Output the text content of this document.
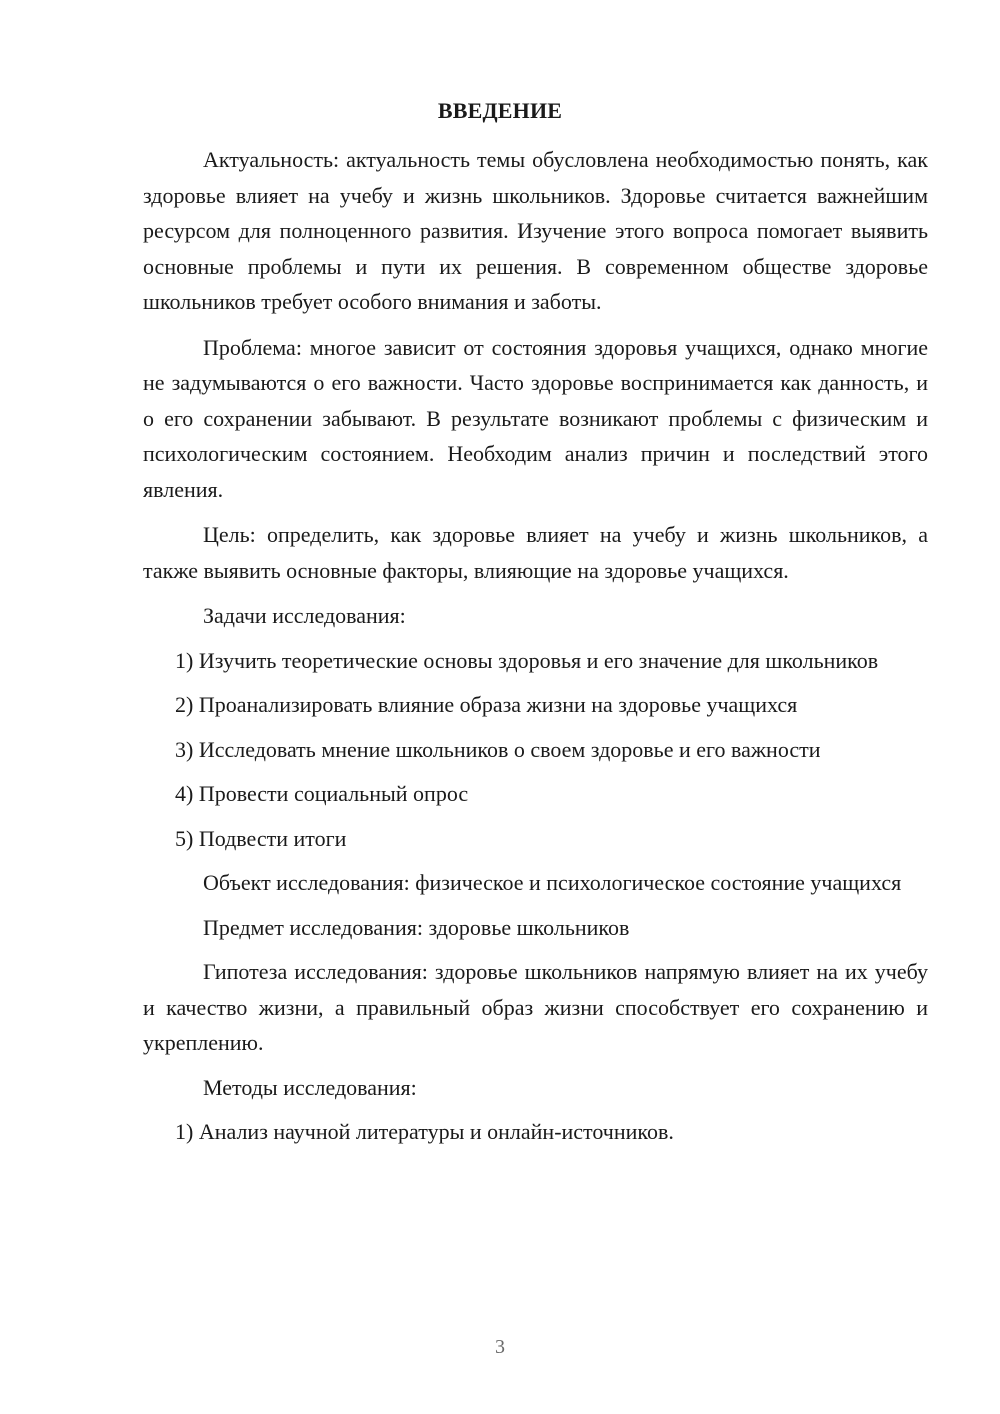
ВВЕДЕНИЕ

Актуальность: актуальность темы обусловлена необходимостью понять, как здоровье влияет на учебу и жизнь школьников. Здоровье считается важнейшим ресурсом для полноценного развития. Изучение этого вопроса помогает выявить основные проблемы и пути их решения. В современном обществе здоровье школьников требует особого внимания и заботы.

Проблема: многое зависит от состояния здоровья учащихся, однако многие не задумываются о его важности. Часто здоровье воспринимается как данность, и о его сохранении забывают. В результате возникают проблемы с физическим и психологическим состоянием. Необходим анализ причин и последствий этого явления.

Цель: определить, как здоровье влияет на учебу и жизнь школьников, а также выявить основные факторы, влияющие на здоровье учащихся.

Задачи исследования:

1) Изучить теоретические основы здоровья и его значение для школьников

2) Проанализировать влияние образа жизни на здоровье учащихся

3) Исследовать мнение школьников о своем здоровье и его важности

4) Провести социальный опрос

5) Подвести итоги

Объект исследования: физическое и психологическое состояние учащихся

Предмет исследования: здоровье школьников

Гипотеза исследования: здоровье школьников напрямую влияет на их учебу и качество жизни, а правильный образ жизни способствует его сохранению и укреплению.

Методы исследования:

1) Анализ научной литературы и онлайн-источников.

3
